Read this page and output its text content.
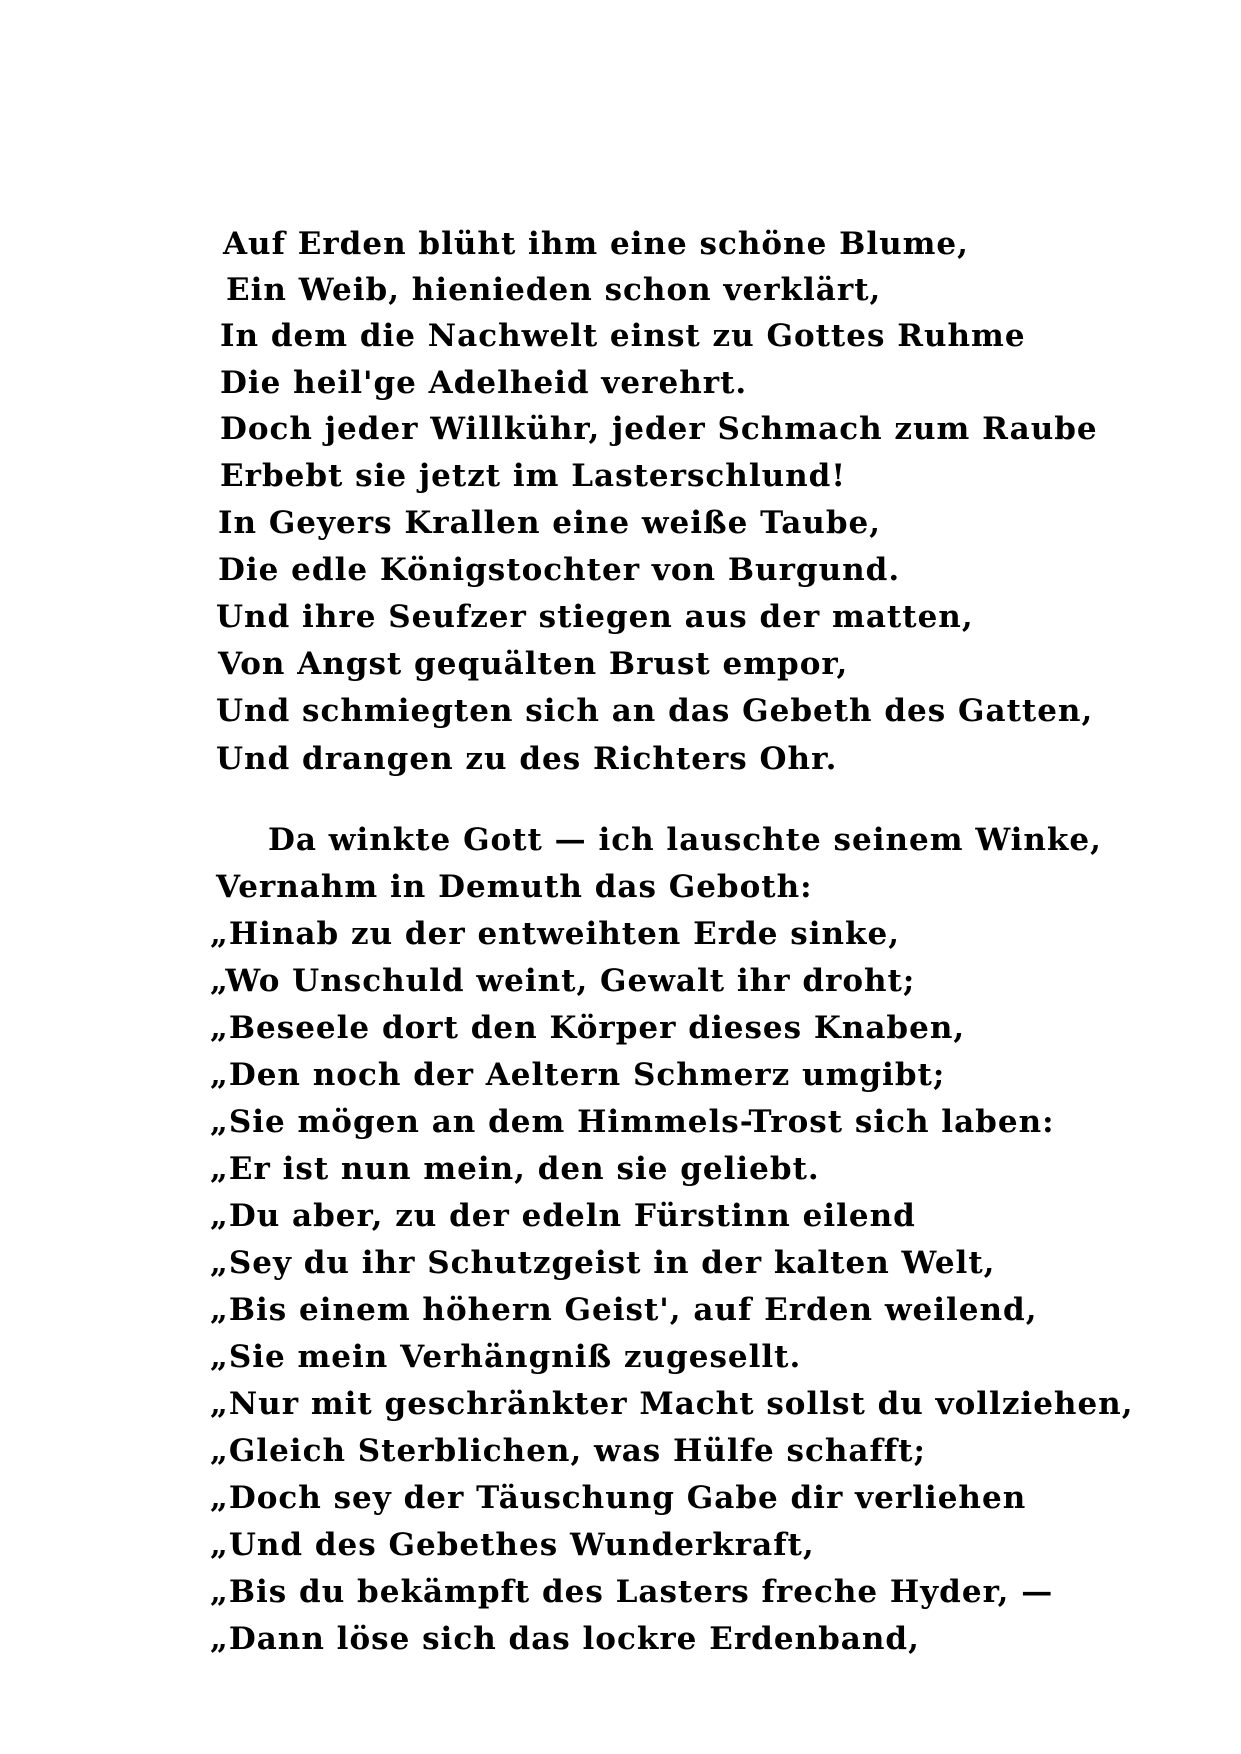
Auf Erden blüht ihm eine schöne Blume,
Ein Weib, hienieden schon verklärt,
In dem die Nachwelt einst zu Gottes Ruhme
Die heil'ge Adelheid verehrt.
Doch jeder Willkühr, jeder Schmach zum Raube
Erbebt sie jetzt im Lasterschlund!
In Geyers Krallen eine weiße Taube,
Die edle Königstochter von Burgund.
Und ihre Seufzer stiegen aus der matten,
Von Angst gequälten Brust empor,
Und schmiegten sich an das Gebeth des Gatten,
Und drangen zu des Richters Ohr.
Da winkte Gott — ich lauschte seinem Winke,
Vernahm in Demuth das Geboth:
„Hinab zu der entweihten Erde sinke,
„Wo Unschuld weint, Gewalt ihr droht;
„Beseele dort den Körper dieses Knaben,
„Den noch der Aeltern Schmerz umgibt;
„Sie mögen an dem Himmels-Trost sich laben:
„Er ist nun mein, den sie geliebt.
„Du aber, zu der edeln Fürstinn eilend
„Sey du ihr Schutzgeist in der kalten Welt,
„Bis einem höhern Geist', auf Erden weilend,
„Sie mein Verhängniß zugesellt.
„Nur mit geschränkter Macht sollst du vollziehen,
„Gleich Sterblichen, was Hülfe schafft;
„Doch sey der Täuschung Gabe dir verliehen
„Und des Gebethes Wunderkraft,
„Bis du bekämpft des Lasters freche Hyder, —
„Dann löse sich das lockre Erdenband,
